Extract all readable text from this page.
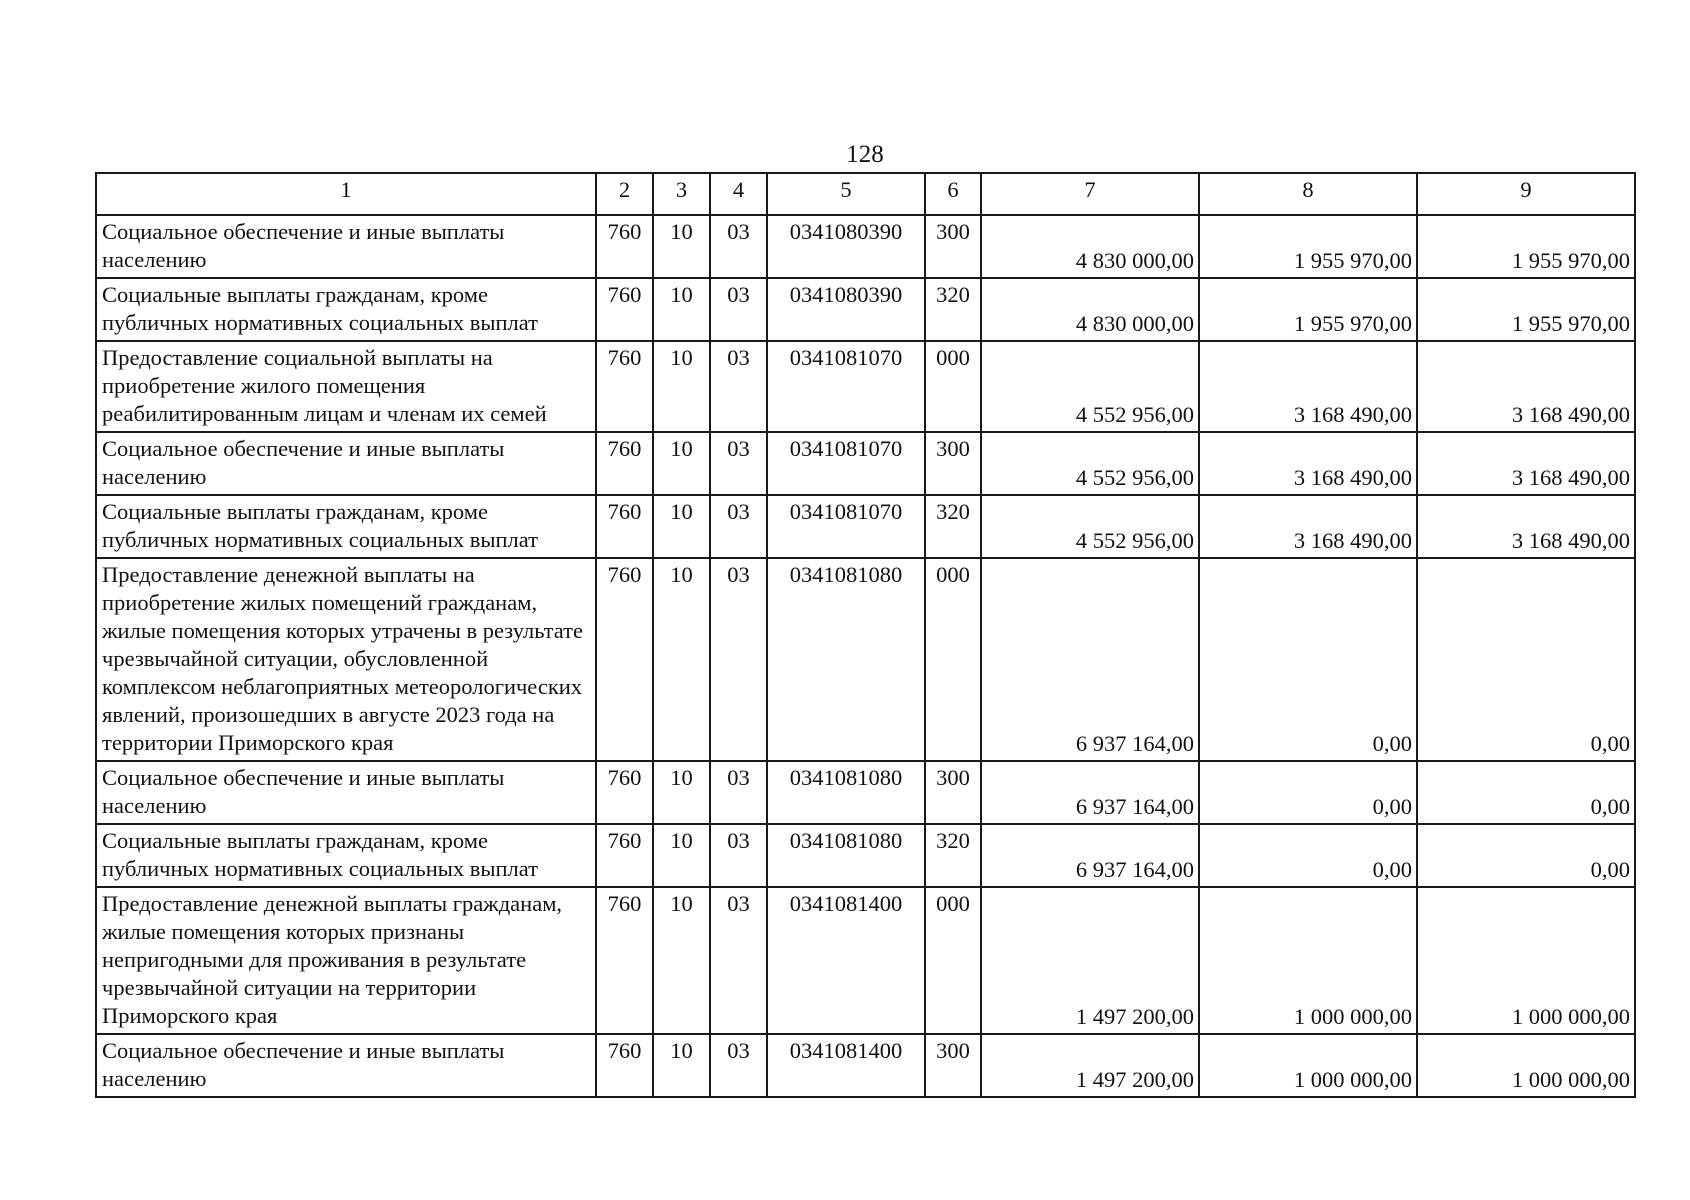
128
1	2	3	4	5	6	7	8	9
Социальное обеспечение и иные выплаты населению	760	10	03	0341080390	300	4 830 000,00	1 955 970,00	1 955 970,00
Социальные выплаты гражданам, кроме публичных нормативных социальных выплат	760	10	03	0341080390	320	4 830 000,00	1 955 970,00	1 955 970,00
Предоставление социальной выплаты на приобретение жилого помещения реабилитированным лицам и членам их семей	760	10	03	0341081070	000	4 552 956,00	3 168 490,00	3 168 490,00
Социальное обеспечение и иные выплаты населению	760	10	03	0341081070	300	4 552 956,00	3 168 490,00	3 168 490,00
Социальные выплаты гражданам, кроме публичных нормативных социальных выплат	760	10	03	0341081070	320	4 552 956,00	3 168 490,00	3 168 490,00
Предоставление денежной выплаты на приобретение жилых помещений гражданам, жилые помещения которых утрачены в результате чрезвычайной ситуации, обусловленной комплексом неблагоприятных метеорологических явлений, произошедших в августе 2023 года на территории Приморского края	760	10	03	0341081080	000	6 937 164,00	0,00	0,00
Социальное обеспечение и иные выплаты населению	760	10	03	0341081080	300	6 937 164,00	0,00	0,00
Социальные выплаты гражданам, кроме публичных нормативных социальных выплат	760	10	03	0341081080	320	6 937 164,00	0,00	0,00
Предоставление денежной выплаты гражданам, жилые помещения которых признаны непригодными для проживания в результате чрезвычайной ситуации на территории Приморского края	760	10	03	0341081400	000	1 497 200,00	1 000 000,00	1 000 000,00
Социальное обеспечение и иные выплаты населению	760	10	03	0341081400	300	1 497 200,00	1 000 000,00	1 000 000,00
